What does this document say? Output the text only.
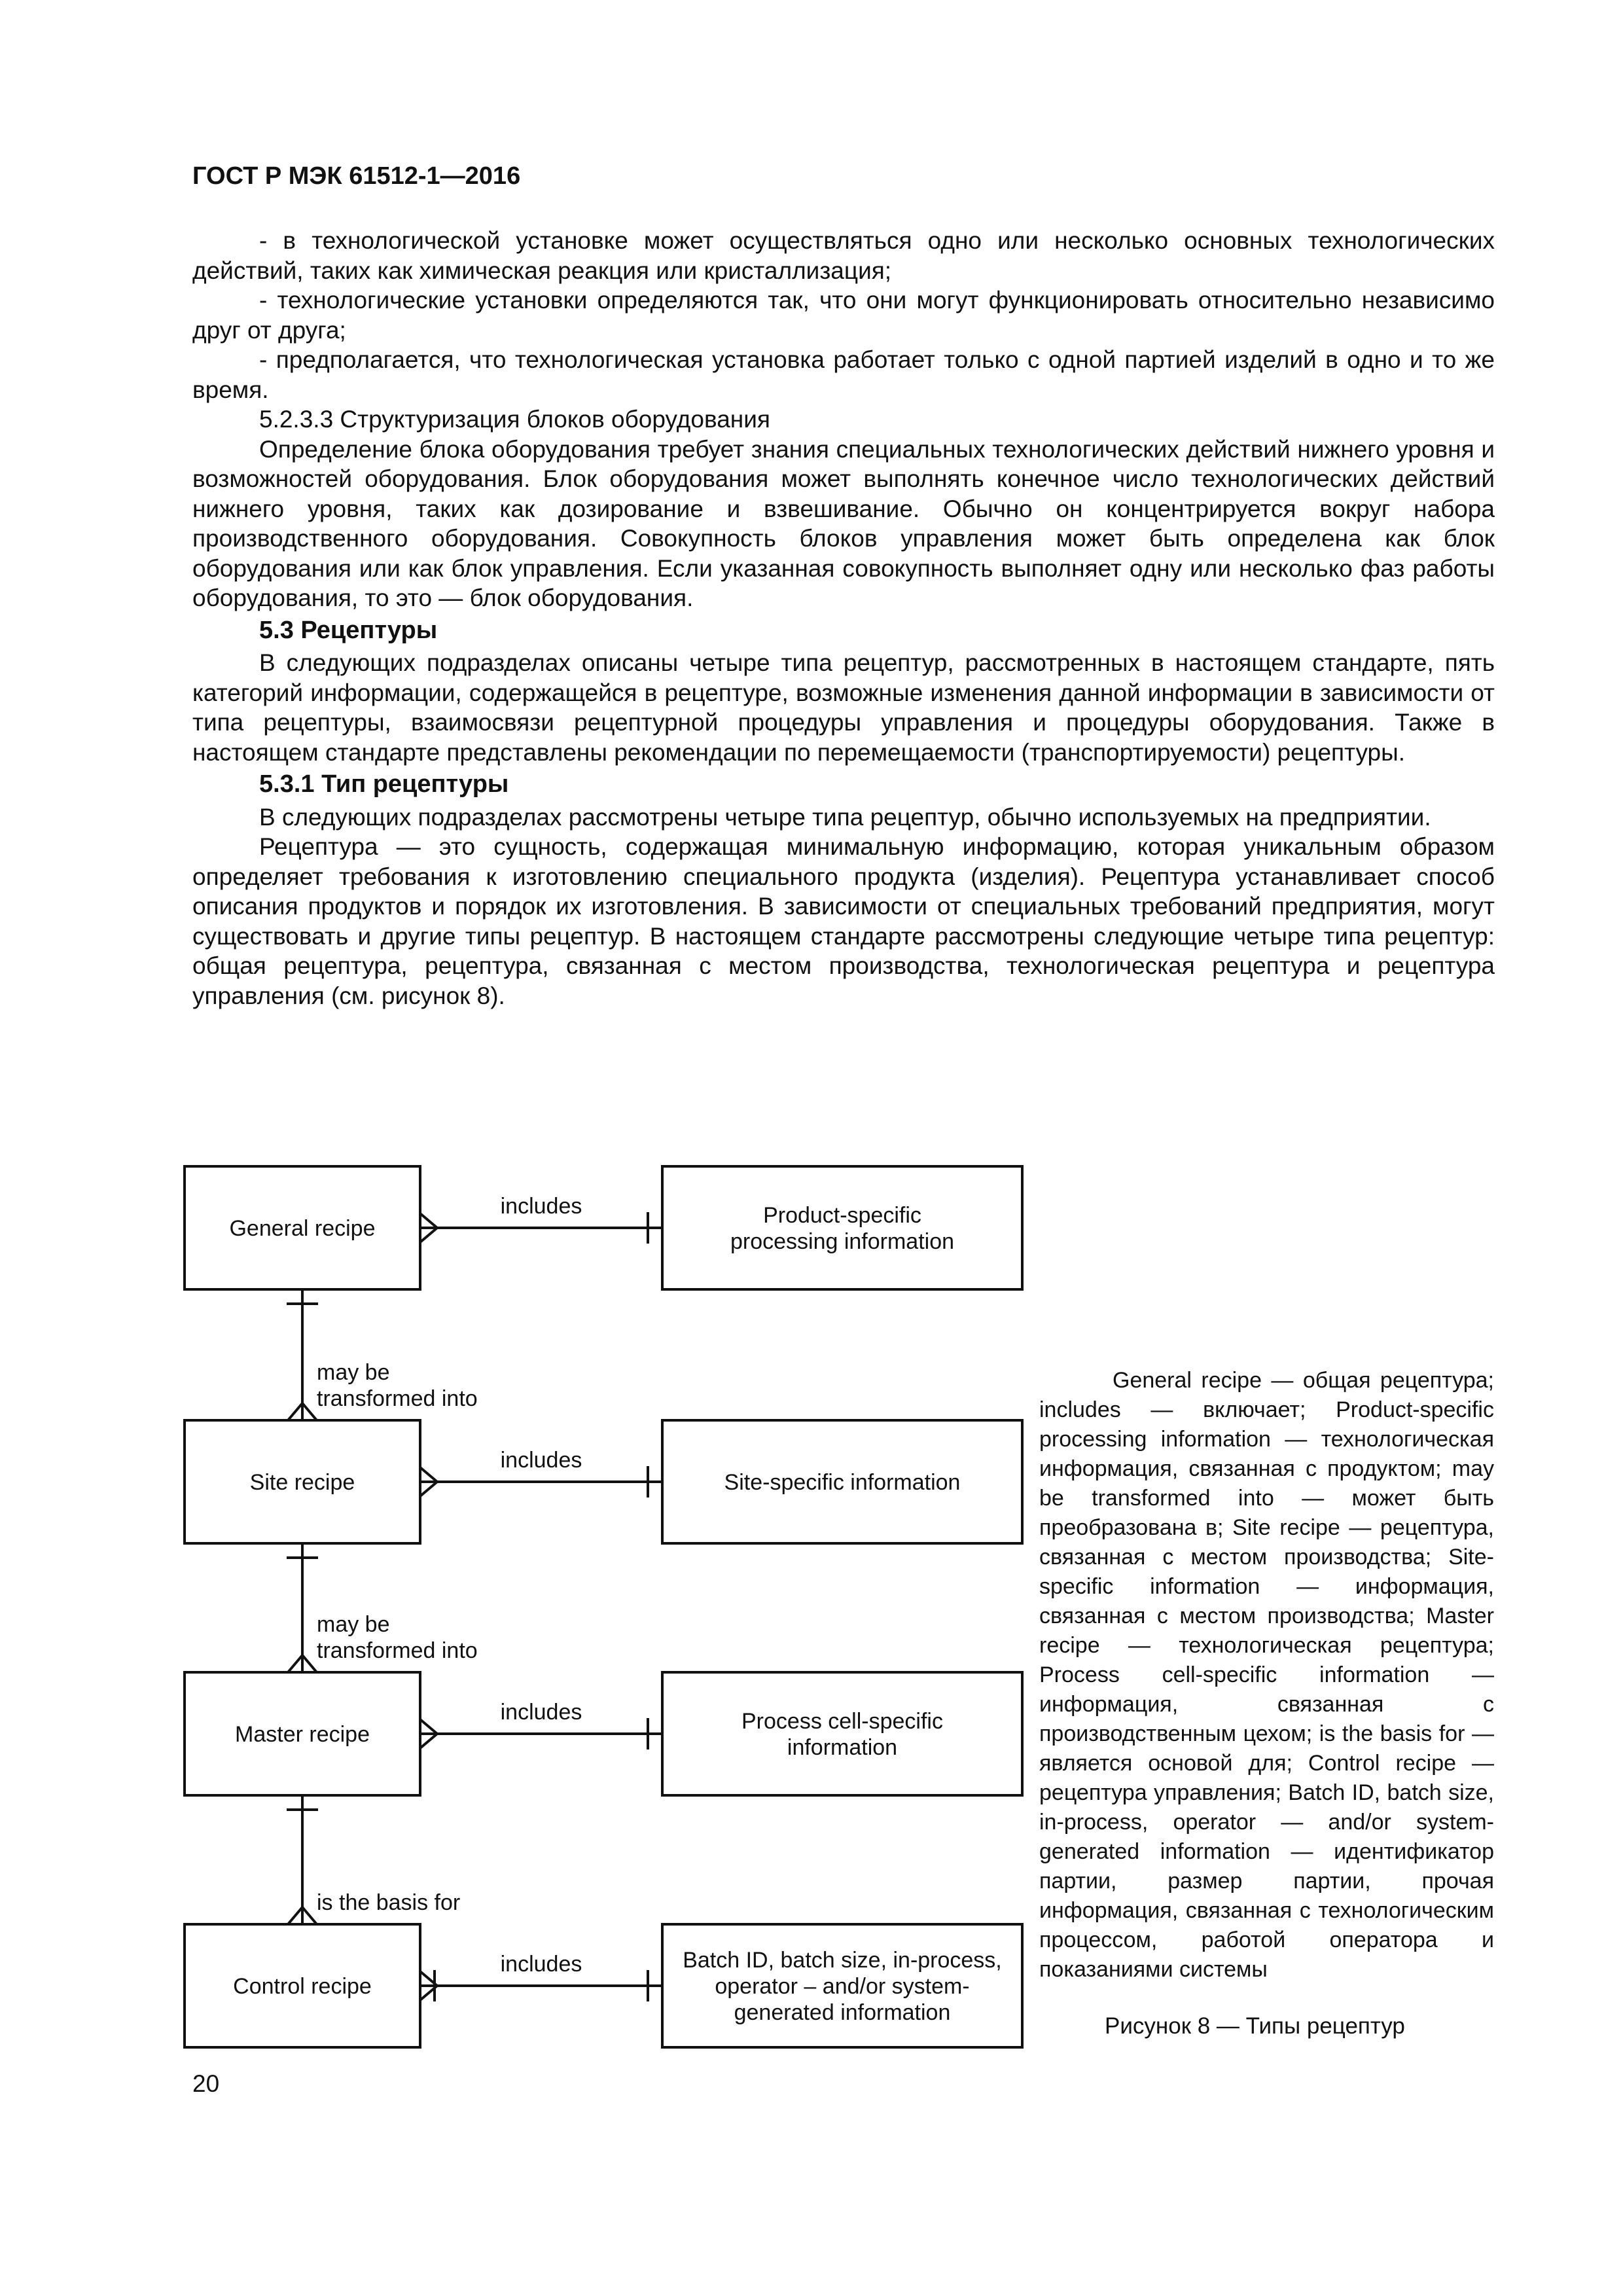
ГОСТ Р МЭК 61512-1—2016

- в технологической установке может осуществляться одно или несколько основных технологических действий, таких как химическая реакция или кристаллизация;

- технологические установки определяются так, что они могут функционировать относительно независимо друг от друга;

- предполагается, что технологическая установка работает только с одной партией изделий в одно и то же время.

5.2.3.3 Структуризация блоков оборудования

Определение блока оборудования требует знания специальных технологических действий нижнего уровня и возможностей оборудования. Блок оборудования может выполнять конечное число технологических действий нижнего уровня, таких как дозирование и взвешивание. Обычно он концентрируется вокруг набора производственного оборудования. Совокупность блоков управления может быть определена как блок оборудования или как блок управления. Если указанная совокупность выполняет одну или несколько фаз работы оборудования, то это — блок оборудования.

5.3 Рецептуры

В следующих подразделах описаны четыре типа рецептур, рассмотренных в настоящем стандарте, пять категорий информации, содержащейся в рецептуре, возможные изменения данной информации в зависимости от типа рецептуры, взаимосвязи рецептурной процедуры управления и процедуры оборудования. Также в настоящем стандарте представлены рекомендации по перемещаемости (транспортируемости) рецептуры.

5.3.1 Тип рецептуры

В следующих подразделах рассмотрены четыре типа рецептур, обычно используемых на предприятии.

Рецептура — это сущность, содержащая минимальную информацию, которая уникальным образом определяет требования к изготовлению специального продукта (изделия). Рецептура устанавливает способ описания продуктов и порядок их изготовления. В зависимости от специальных требований предприятия, могут существовать и другие типы рецептур. В настоящем стандарте рассмотрены следующие четыре типа рецептур: общая рецептура, рецептура, связанная с местом производства, технологическая рецептура и рецептура управления (см. рисунок 8).

General recipe
Product-specific
processing information
includes
Site recipe	Site-specific information
includes
Master recipe
Process cell-specific
information
includes
Control recipe
Batch ID, batch size, in-process,
operator – and/or system-
generated information
includes
may be
transformed into
may be
transformed into
is the basis for
General recipe — общая рецептура; includes — включает; Product-specific processing information — технологическая информация, связанная с продуктом; may be transformed into — может быть преобразована в; Site recipe — рецептура, связанная с местом производства; Site-specific information — информация, связанная с местом производства; Master recipe — технологическая рецептура; Process cell-specific information — информация, связанная с производственным цехом; is the basis for — является основой для; Control recipe — рецептура управления; Batch ID, batch size, in-process, operator — and/or system-generated information — идентификатор партии, размер партии, прочая информация, связанная с технологическим процессом, работой оператора и показаниями системы
Рисунок 8 — Типы рецептур
20
